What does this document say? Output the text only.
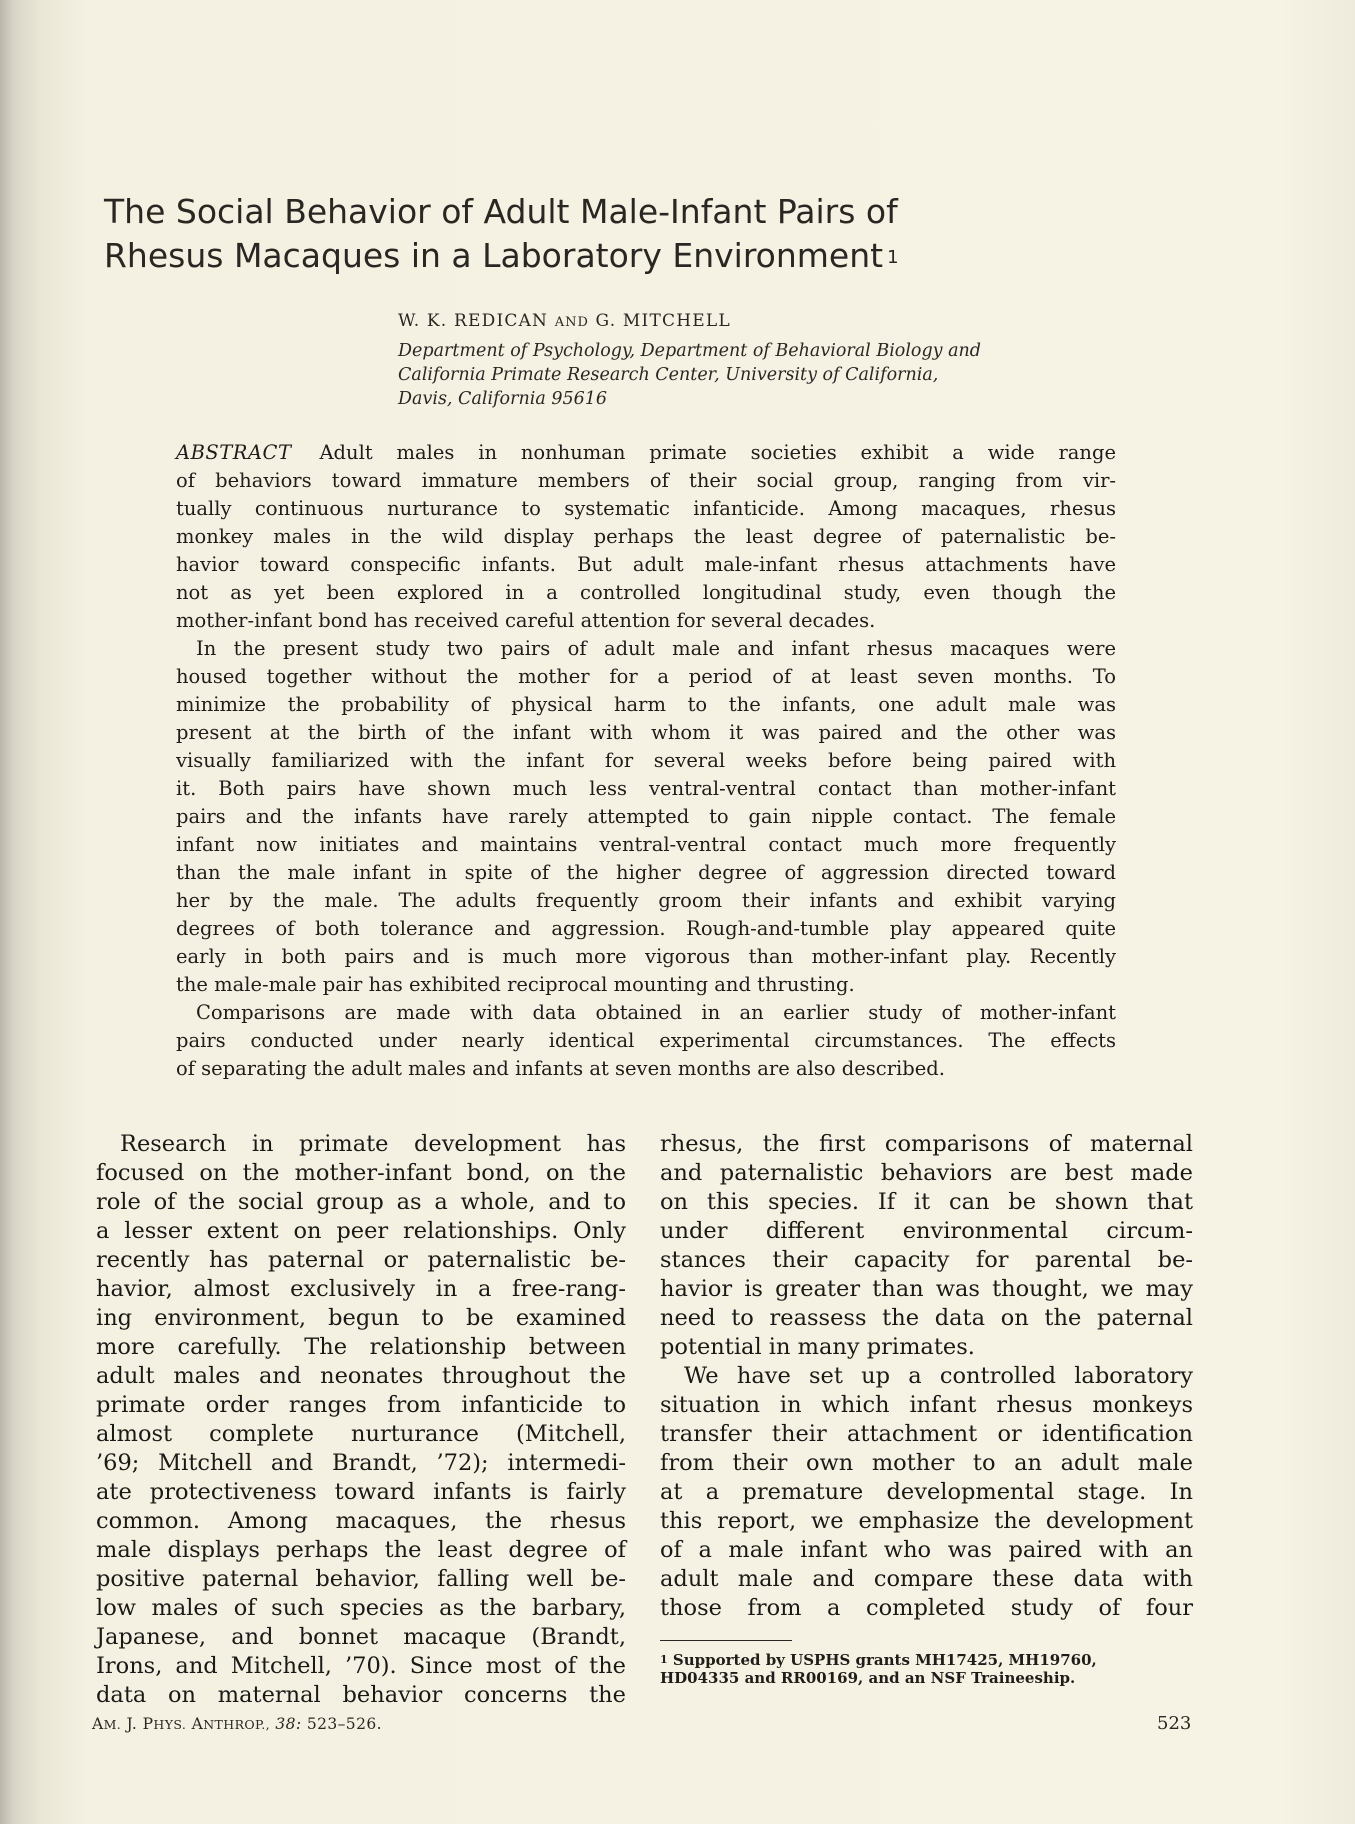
The Social Behavior of Adult Male-Infant Pairs of
Rhesus Macaques in a Laboratory Environment $^1$
W. K. REDICAN AND G. MITCHELL
Department of Psychology, Department of Behavioral Biology and
California Primate Research Center, University of California,
Davis, California 95616
ABSTRACT Adult males in nonhuman primate societies exhibit a wide range
of behaviors toward immature members of their social group, ranging from vir-
tually continuous nurturance to systematic infanticide. Among macaques, rhesus
monkey males in the wild display perhaps the least degree of paternalistic be-
havior toward conspecific infants. But adult male-infant rhesus attachments have
not as yet been explored in a controlled longitudinal study, even though the
mother-infant bond has received careful attention for several decades.
In the present study two pairs of adult male and infant rhesus macaques were
housed together without the mother for a period of at least seven months. To
minimize the probability of physical harm to the infants, one adult male was
present at the birth of the infant with whom it was paired and the other was
visually familiarized with the infant for several weeks before being paired with
it. Both pairs have shown much less ventral-ventral contact than mother-infant
pairs and the infants have rarely attempted to gain nipple contact. The female
infant now initiates and maintains ventral-ventral contact much more frequently
than the male infant in spite of the higher degree of aggression directed toward
her by the male. The adults frequently groom their infants and exhibit varying
degrees of both tolerance and aggression. Rough-and-tumble play appeared quite
early in both pairs and is much more vigorous than mother-infant play. Recently
the male-male pair has exhibited reciprocal mounting and thrusting.
Comparisons are made with data obtained in an earlier study of mother-infant
pairs conducted under nearly identical experimental circumstances. The effects
of separating the adult males and infants at seven months are also described.
Research in primate development has
focused on the mother-infant bond, on the
role of the social group as a whole, and to
a lesser extent on peer relationships. Only
recently has paternal or paternalistic be-
havior, almost exclusively in a free-rang-
ing environment, begun to be examined
more carefully. The relationship between
adult males and neonates throughout the
primate order ranges from infanticide to
almost complete nurturance (Mitchell,
’69; Mitchell and Brandt, ’72); intermedi-
ate protectiveness toward infants is fairly
common. Among macaques, the rhesus
male displays perhaps the least degree of
positive paternal behavior, falling well be-
low males of such species as the barbary,
Japanese, and bonnet macaque (Brandt,
Irons, and Mitchell, ’70). Since most of the
data on maternal behavior concerns the
rhesus, the first comparisons of maternal
and paternalistic behaviors are best made
on this species. If it can be shown that
under different environmental circum-
stances their capacity for parental be-
havior is greater than was thought, we may
need to reassess the data on the paternal
potential in many primates.
We have set up a controlled laboratory
situation in which infant rhesus monkeys
transfer their attachment or identification
from their own mother to an adult male
at a premature developmental stage. In
this report, we emphasize the development
of a male infant who was paired with an
adult male and compare these data with
those from a completed study of four
$^1$ Supported by USPHS grants MH17425, MH19760,
HD04335 and RR00169, and an NSF Traineeship.
AM. J. PHYS. ANTHROP., 38: 523–526.	523
